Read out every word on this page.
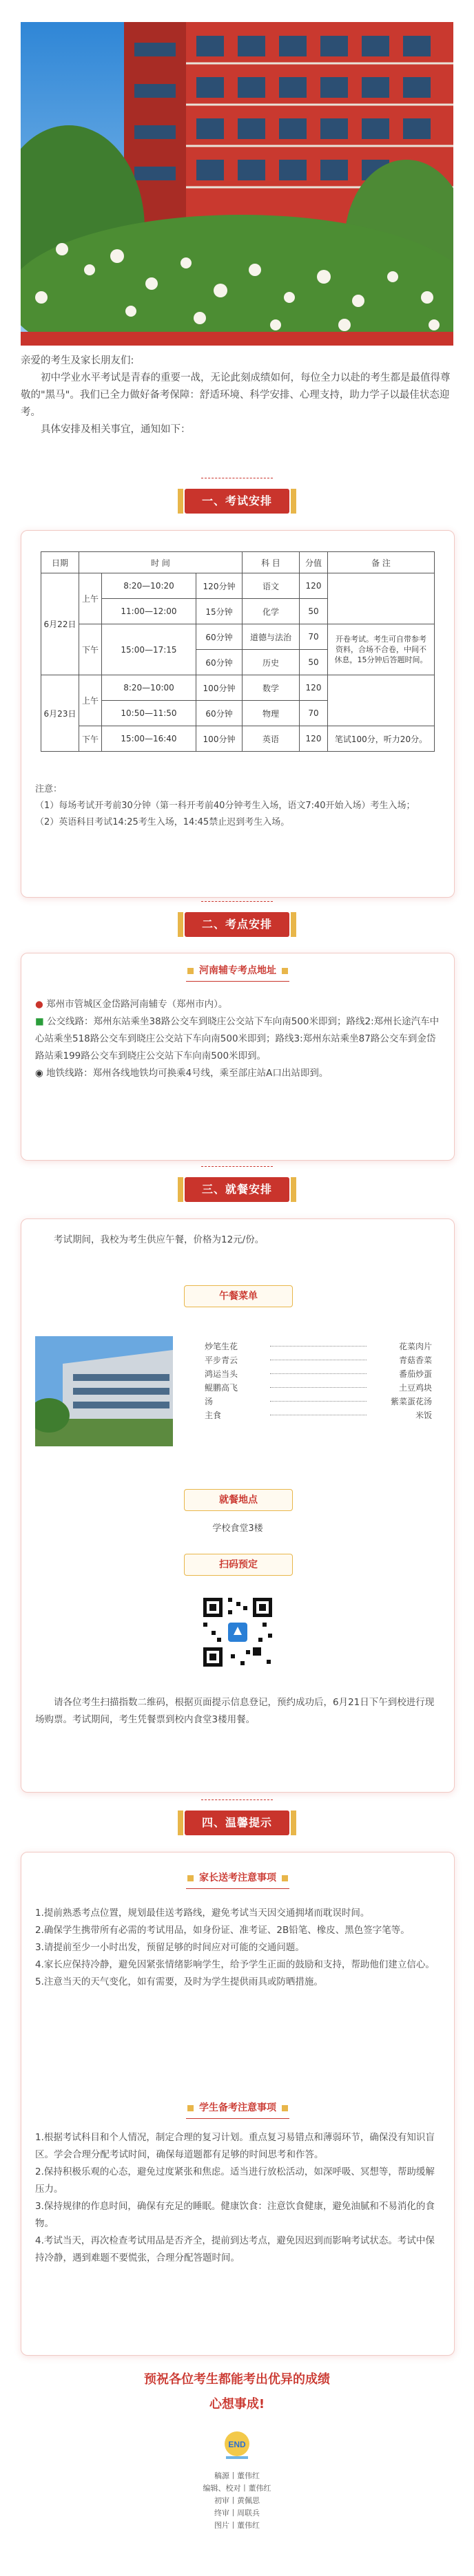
亲爱的考生及家长朋友们:

初中学业水平考试是青春的重要一战，无论此刻成绩如何，每位全力以赴的考生都是最值得尊敬的"黑马"。我们已全力做好备考保障：舒适环境、科学安排、心理支持，助力学子以最佳状态迎考。

具体安排及相关事宜，通知如下：

一、考试安排
日期	时 间			科 目	分值	备 注
6月22日	上午	8:20—10:20	120分钟	语文	120	
		11:00—12:00	15分钟	化学	50	
	下午	15:00—17:15	60分钟	道德与法治	70	开卷考试。考生可自带参考资料，合场不合卷，中间不休息，15分钟后答题时间。
			60分钟	历史	50	
6月23日	上午	8:20—10:00	100分钟	数学	120	
		10:50—11:50	60分钟	物理	70	
	下午	15:00—16:40	100分钟	英语	120	笔试100分，听力20分。

注意：

（1）每场考试开考前30分钟（第一科开考前40分钟考生入场，语文7:40开始入场）考生入场；

（2）英语科目考试14:25考生入场，14:45禁止迟到考生入场。

二、考点安排
河南辅专考点地址

● 郑州市管城区金岱路河南辅专（郑州市内）。

■ 公交线路：郑州东站乘坐38路公交车到晓庄公交站下车向南500米即到；路线2:郑州长途汽车中心站乘坐518路公交车到晓庄公交站下车向南500米即到；路线3:郑州东站乘坐87路公交车到金岱路站乘199路公交车到晓庄公交站下车向南500米即到。

◉ 地铁线路：郑州各线地铁均可换乘4号线，乘至部庄站A口出站即到。

三、就餐安排
考试期间，我校为考生供应午餐，价格为12元/份。
午餐菜单
炒笔生花	花菜肉片
平步青云	青菇香菜
鸿运当头	番茄炒蛋
鲲鹏高飞	土豆鸡块
汤	紫菜蛋花汤
主食	米饭
就餐地点
学校食堂3楼
扫码预定
请各位考生扫描指数二维码，根据页面提示信息登记，预约成功后，6月21日下午到校进行现场购票。考试期间，考生凭餐票到校内食堂3楼用餐。
四、温馨提示
家长送考注意事项

1.提前熟悉考点位置，规划最佳送考路线，避免考试当天因交通拥堵而耽误时间。

2.确保学生携带所有必需的考试用品，如身份证、准考证、2B铅笔、橡皮、黑色签字笔等。

3.请提前至少一小时出发，预留足够的时间应对可能的交通问题。

4.家长应保持冷静，避免因紧张情绪影响学生，给予学生正面的鼓励和支持，帮助他们建立信心。

5.注意当天的天气变化，如有需要，及时为学生提供雨具或防晒措施。

学生备考注意事项

1.根据考试科目和个人情况，制定合理的复习计划。重点复习易错点和薄弱环节，确保没有知识盲区。学会合理分配考试时间，确保每道题都有足够的时间思考和作答。

2.保持积极乐观的心态，避免过度紧张和焦虑。适当进行放松活动，如深呼吸、冥想等，帮助缓解压力。

3.保持规律的作息时间，确保有充足的睡眠。健康饮食：注意饮食健康，避免油腻和不易消化的食物。

4.考试当天，再次检查考试用品是否齐全，提前到达考点，避免因迟到而影响考试状态。考试中保持冷静，遇到难题不要慌张，合理分配答题时间。

预祝各位考生都能考出优异的成绩
心想事成!
END

稿源丨董伟红

编辑、校对丨董伟红

初审丨黄佩思

终审丨周联兵

图片丨董伟红
